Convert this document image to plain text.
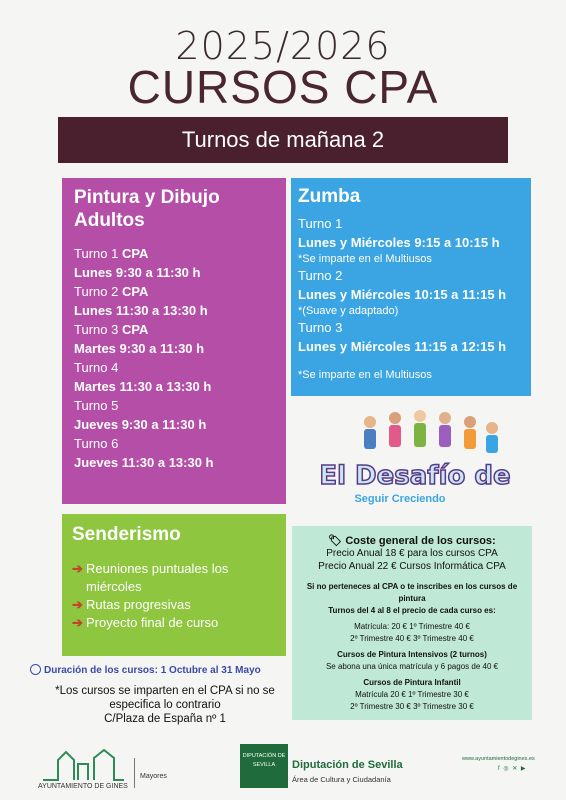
2025/2026
CURSOS CPA
Turnos de mañana 2
Pintura y Dibujo Adultos
Turno 1 CPA
Lunes 9:30 a 11:30 h
Turno 2 CPA
Lunes 11:30 a 13:30 h
Turno 3 CPA
Martes 9:30 a 11:30 h
Turno 4
Martes 11:30 a 13:30 h
Turno 5
Jueves 9:30 a 11:30 h
Turno 6
Jueves 11:30 a 13:30 h
Zumba
Turno 1
Lunes y Miércoles 9:15 a 10:15 h
*Se imparte en el Multiusos
Turno 2
Lunes y Miércoles 10:15 a 11:15 h
*(Suave y adaptado)
Turno 3
Lunes y Miércoles 11:15 a 12:15 h
*Se imparte en el Multiusos
El Desafío de
Seguir Creciendo
Senderismo
➔ Reuniones puntuales los miércoles
➔ Rutas progresivas
➔ Proyecto final de curso
🏷 Coste general de los cursos:
Precio Anual 18 € para los cursos CPA
Precio Anual 22 € Cursos Informática CPA
Si no perteneces al CPA o te inscribes en los cursos de pintura
Turnos del 4 al 8 el precio de cada curso es:
Matrícula: 20 € 1º Trimestre 40 €
2º Trimestre 40 € 3º Trimestre 40 €
Cursos de Pintura Intensivos (2 turnos)
Se abona una única matrícula y 6 pagos de 40 €
Cursos de Pintura Infantil
Matrícula 20 € 1º Trimestre 30 €
2º Trimestre 30 € 3º Trimestre 30 €
Duración de los cursos: 1 Octubre al 31 Mayo
*Los cursos se imparten en el CPA si no se
especifica lo contrario
C/Plaza de España nº 1
AYUNTAMIENTO DE GINES
Mayores
DIPUTACIÓN DE SEVILLA	Diputación de Sevilla
Área de Cultura y Ciudadanía
www.ayuntamientodegines.es
f ◎ ✕ ▶
